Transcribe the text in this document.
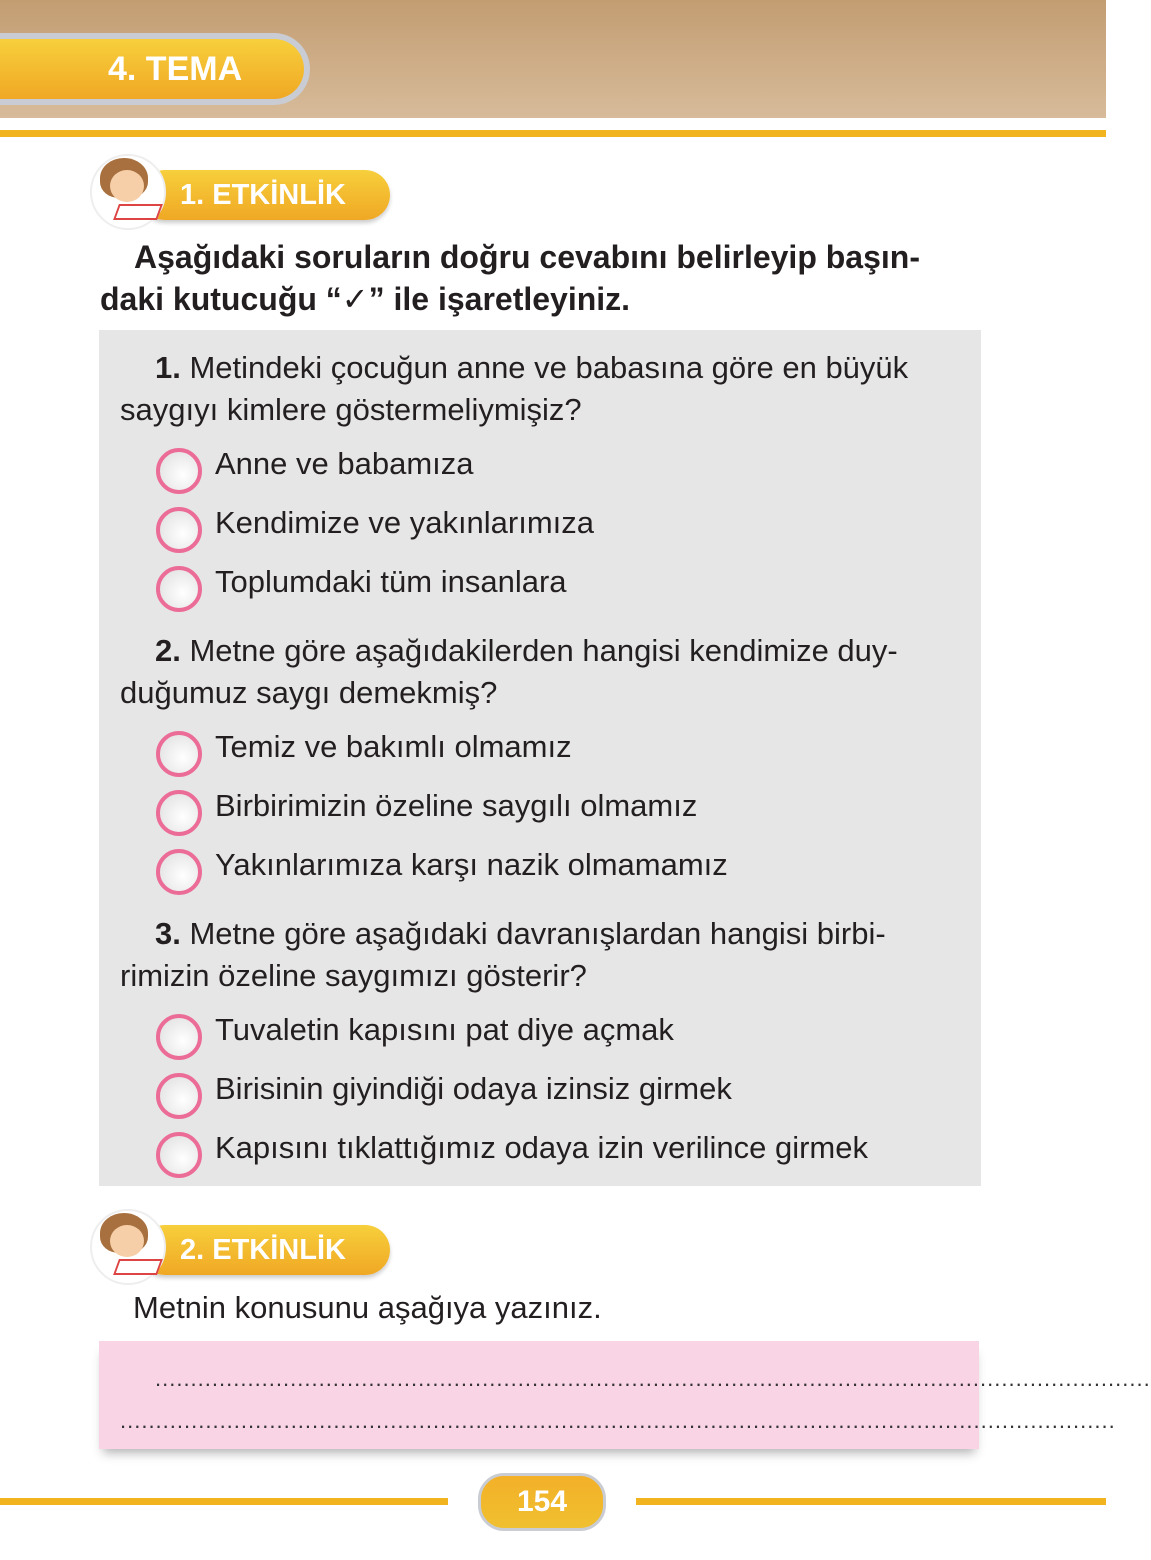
4. TEMA
1. ETKİNLİK
Aşağıdaki soruların doğru cevabını belirleyip başın-
daki kutucuğu “✓” ile işaretleyiniz.
1. Metindeki çocuğun anne ve babasına göre en büyük
saygıyı kimlere göstermeliymişiz?
Anne ve babamıza
Kendimize ve yakınlarımıza
Toplumdaki tüm insanlara
2. Metne göre aşağıdakilerden hangisi kendimize duy-
duğumuz saygı demekmiş?
Temiz ve bakımlı olmamız
Birbirimizin özeline saygılı olmamız
Yakınlarımıza karşı nazik olmamamız
3. Metne göre aşağıdaki davranışlardan hangisi birbi-
rimizin özeline saygımızı gösterir?
Tuvaletin kapısını pat diye açmak
Birisinin giyindiği odaya izinsiz girmek
Kapısını tıklattığımız odaya izin verilince girmek
2. ETKİNLİK
Metnin konusunu aşağıya yazınız.
............................................................................................................................................
............................................................................................................................................
154
